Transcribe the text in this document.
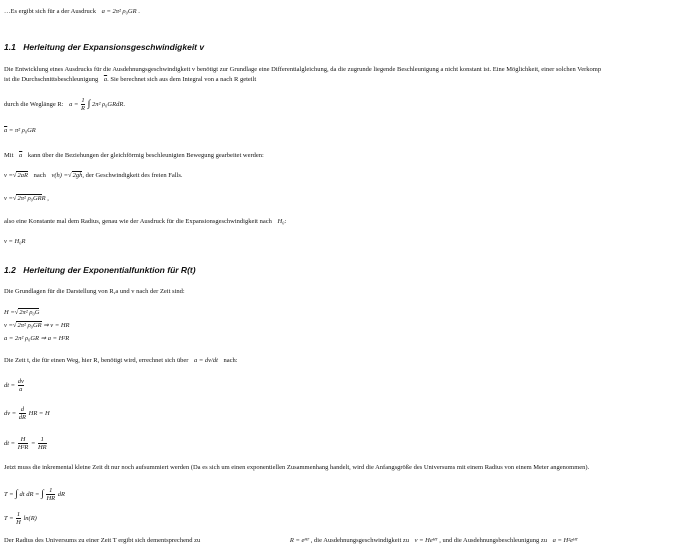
…Es ergibt sich für a der Ausdruck a = 2π² ρ₀GR .
1.1 Herleitung der Expansionsgeschwindigkeit v
Die Entwicklung eines Ausdrucks für die Ausdehnungsgeschwindigkeit v benötigt zur Grundlage eine Differentialgleichung, da die zugrunde liegende Beschleunigung a nicht konstant ist. Eine Möglichkeit, einer solchen Verkomp
ist die Durchschnittsbeschleunigung $\overline{a}$. Sie berechnet sich aus dem Integral von a nach R geteilt
durch die Weglänge R: $a = \frac{1}{R}$ ∫ 2π² ρ₀GRdR.
$\overline{a} = \pi^2$ ρ₀GR
Mit $\overline{a}$ kann über die Beziehungen der gleichförmig beschleunigten Bewegung gearbeitet werden:
v =√2aR nach v(h) =√2gh, der Geschwindigkeit des freien Falls.
v =√2π² ρ₀GRR ,
also eine Konstante mal dem Radius, genau wie der Ausdruck für die Expansionsgeschwindigkeit nach H₀:
v = H₀R
1.2 Herleitung der Exponentialfunktion für R(t)
Die Grundlagen für die Darstellung von R,a und v nach der Zeit sind:
H =√2π² ρ₀G
v =√2π² ρ₀GR ⇒ v = HR
a = 2π² ρ₀GR ⇒ a = H²R
Die Zeit t, die für einen Weg, hier R, benötigt wird, errechnet sich über a = dv/dt nach:
dt = $\frac{dv}{a}$
dv = $\frac{d}{dR}$ HR = H
dt = $\frac{H}{\text{H²R}} = \frac{1}{HR}$
Jetzt muss die inkremental kleine Zeit dt nur noch aufsummiert werden (Da es sich um einen exponentiellen Zusammenhang handelt, wird die Anfangsgröße des Universums mit einem Radius von einem Meter angenommen).
T = ∫ dt dR = ∫ $\frac{1}{HR}$ dR
$T = \frac{1}{H} \ln(R)$
Der Radius des Universums zu einer Zeit T ergibt sich dementsprechend zu	R = eᴴᵀ , die Ausdehnungsgeschwindigkeit zu v = Heᴴᵀ , und die Ausdehnungsbeschleunigung zu a = H²eᴴᵀ
